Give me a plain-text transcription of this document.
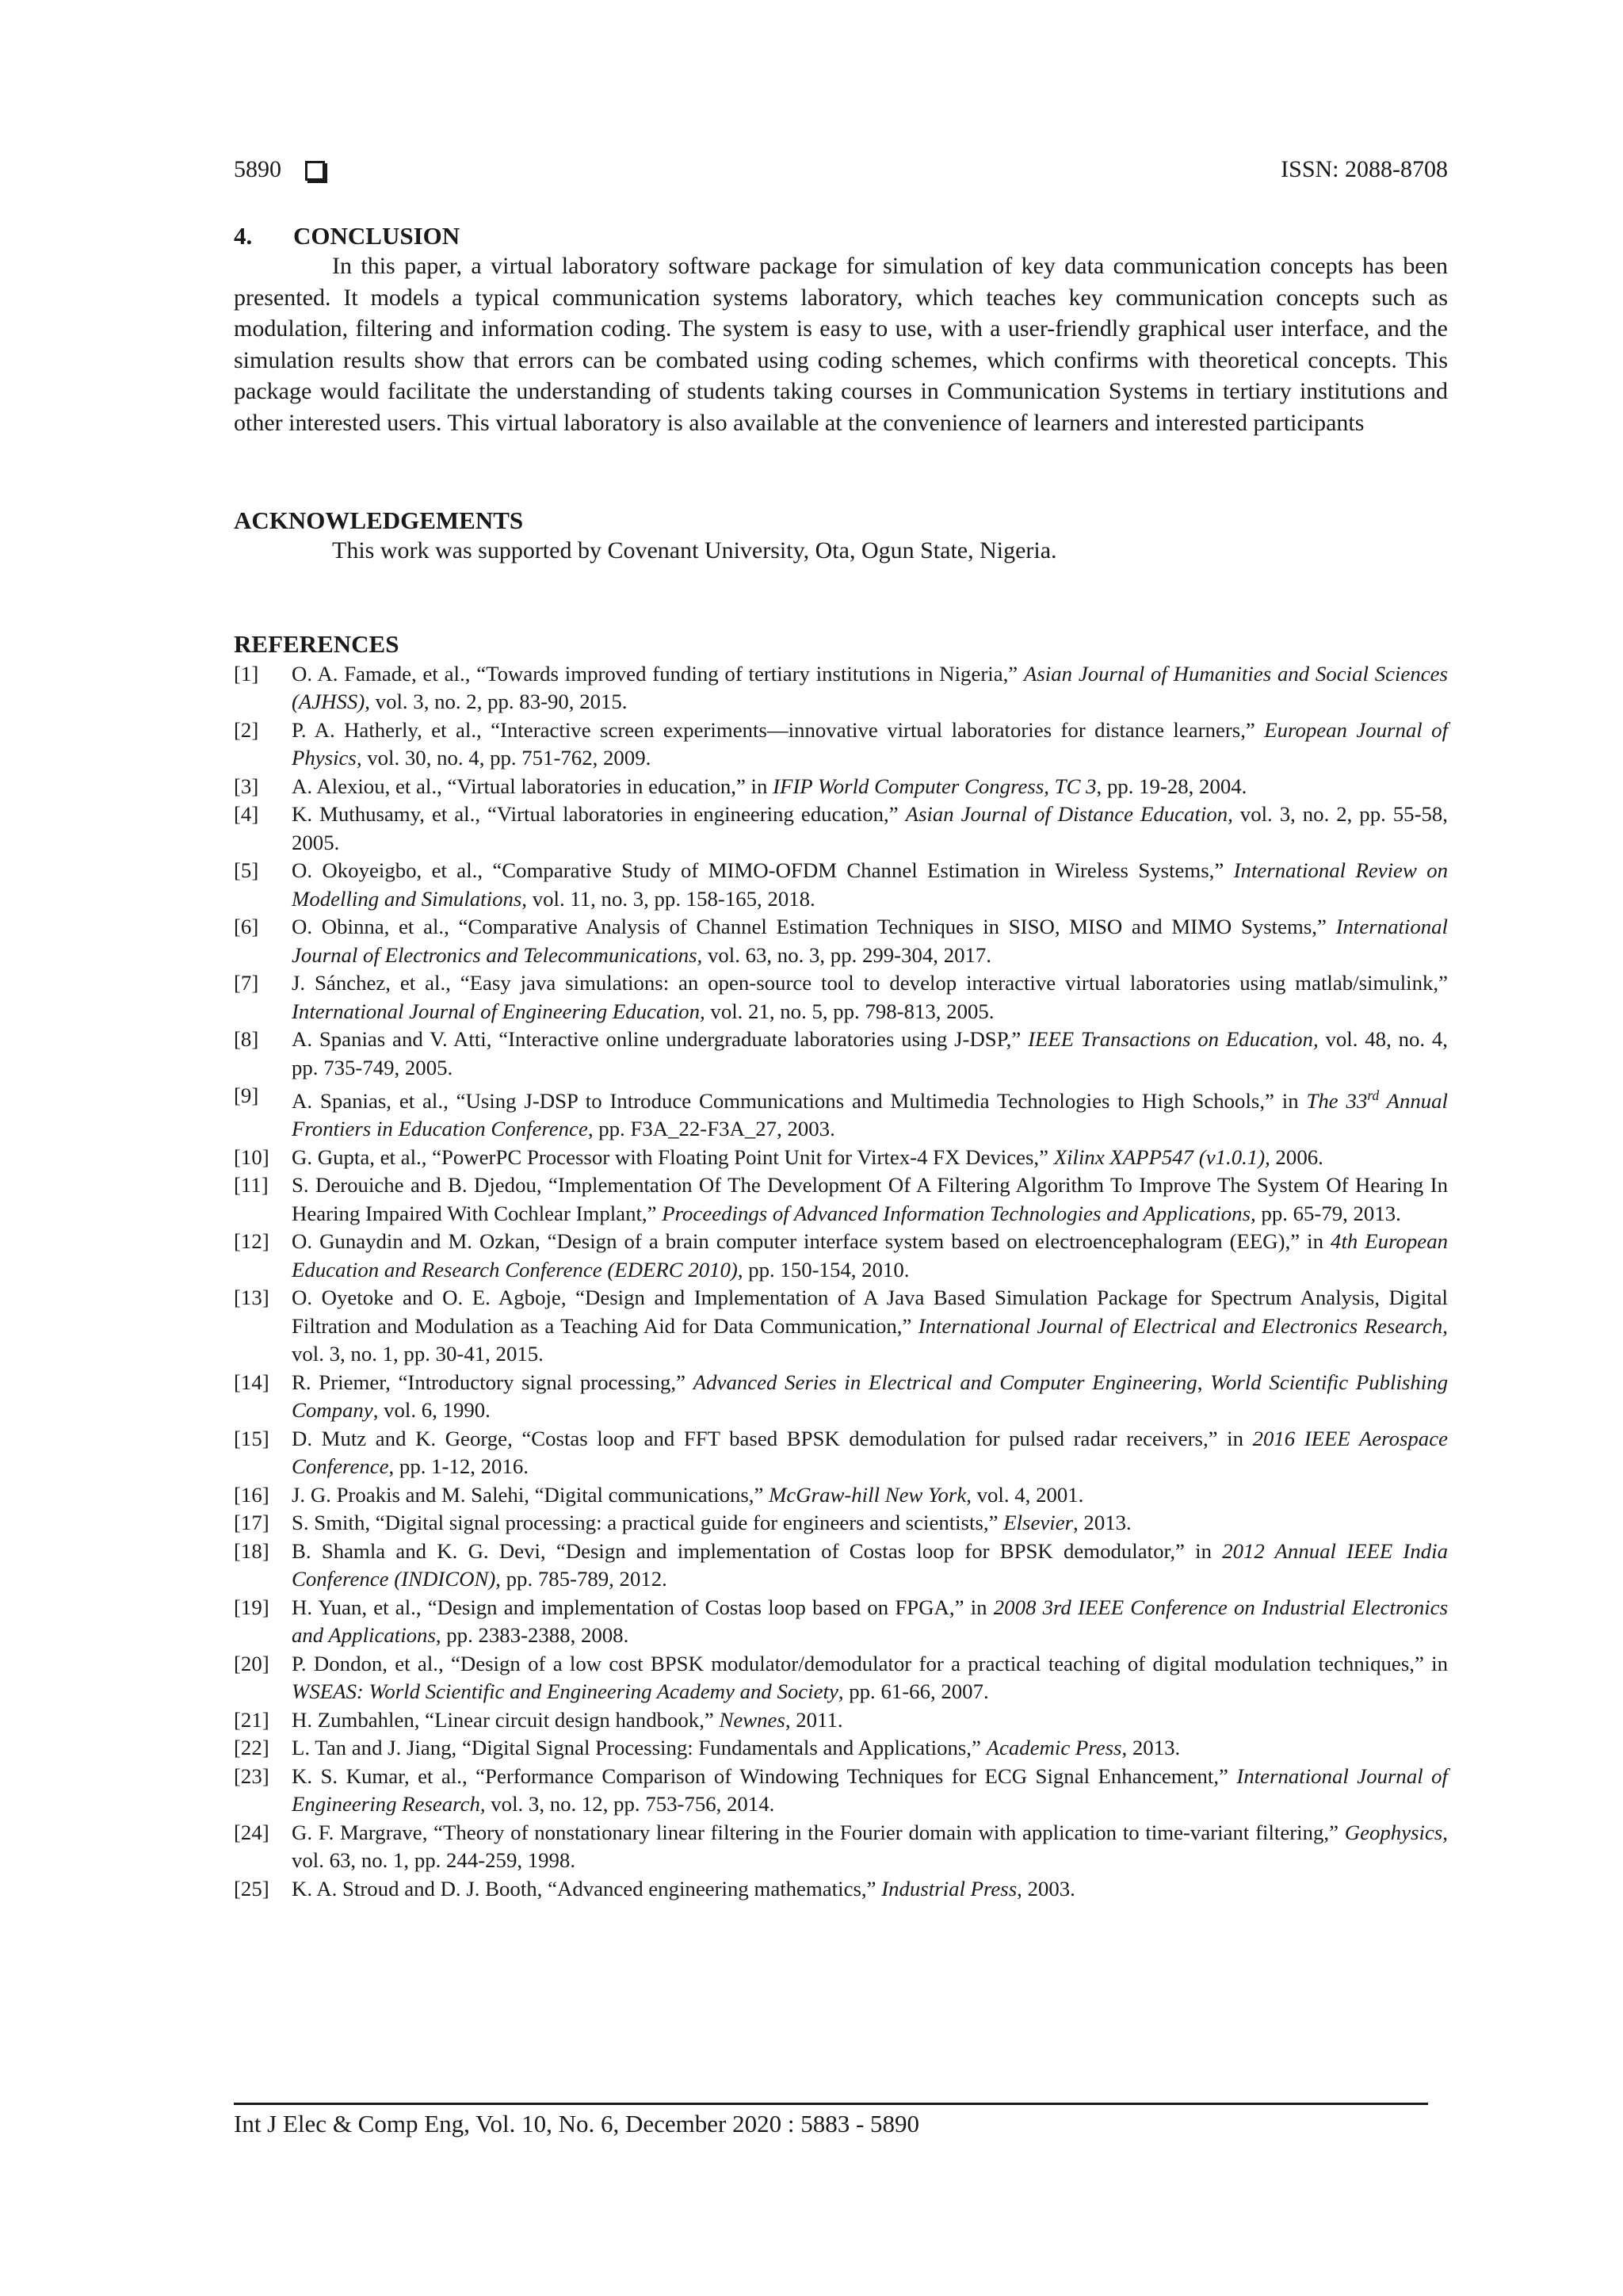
5890	ISSN: 2088-8708
4. CONCLUSION

In this paper, a virtual laboratory software package for simulation of key data communication concepts has been presented. It models a typical communication systems laboratory, which teaches key communication concepts such as modulation, filtering and information coding. The system is easy to use, with a user-friendly graphical user interface, and the simulation results show that errors can be combated using coding schemes, which confirms with theoretical concepts. This package would facilitate the understanding of students taking courses in Communication Systems in tertiary institutions and other interested users. This virtual laboratory is also available at the convenience of learners and interested participants

ACKNOWLEDGEMENTS

This work was supported by Covenant University, Ota, Ogun State, Nigeria.

REFERENCES
[1]	O. A. Famade, et al., “Towards improved funding of tertiary institutions in Nigeria,” Asian Journal of Humanities and Social Sciences (AJHSS), vol. 3, no. 2, pp. 83-90, 2015.
[2]	P. A. Hatherly, et al., “Interactive screen experiments—innovative virtual laboratories for distance learners,” European Journal of Physics, vol. 30, no. 4, pp. 751-762, 2009.
[3]	A. Alexiou, et al., “Virtual laboratories in education,” in IFIP World Computer Congress, TC 3, pp. 19-28, 2004.
[4]	K. Muthusamy, et al., “Virtual laboratories in engineering education,” Asian Journal of Distance Education, vol. 3, no. 2, pp. 55-58, 2005.
[5]	O. Okoyeigbo, et al., “Comparative Study of MIMO-OFDM Channel Estimation in Wireless Systems,” International Review on Modelling and Simulations, vol. 11, no. 3, pp. 158-165, 2018.
[6]	O. Obinna, et al., “Comparative Analysis of Channel Estimation Techniques in SISO, MISO and MIMO Systems,” International Journal of Electronics and Telecommunications, vol. 63, no. 3, pp. 299-304, 2017.
[7]	J. Sánchez, et al., “Easy java simulations: an open-source tool to develop interactive virtual laboratories using matlab/simulink,” International Journal of Engineering Education, vol. 21, no. 5, pp. 798-813, 2005.
[8]	A. Spanias and V. Atti, “Interactive online undergraduate laboratories using J-DSP,” IEEE Transactions on Education, vol. 48, no. 4, pp. 735-749, 2005.
[9]	A. Spanias, et al., “Using J-DSP to Introduce Communications and Multimedia Technologies to High Schools,” in The 33rd Annual Frontiers in Education Conference, pp. F3A_22-F3A_27, 2003.
[10]	G. Gupta, et al., “PowerPC Processor with Floating Point Unit for Virtex-4 FX Devices,” Xilinx XAPP547 (v1.0.1), 2006.
[11]	S. Derouiche and B. Djedou, “Implementation Of The Development Of A Filtering Algorithm To Improve The System Of Hearing In Hearing Impaired With Cochlear Implant,” Proceedings of Advanced Information Technologies and Applications, pp. 65-79, 2013.
[12]	O. Gunaydin and M. Ozkan, “Design of a brain computer interface system based on electroencephalogram (EEG),” in 4th European Education and Research Conference (EDERC 2010), pp. 150-154, 2010.
[13]	O. Oyetoke and O. E. Agboje, “Design and Implementation of A Java Based Simulation Package for Spectrum Analysis, Digital Filtration and Modulation as a Teaching Aid for Data Communication,” International Journal of Electrical and Electronics Research, vol. 3, no. 1, pp. 30-41, 2015.
[14]	R. Priemer, “Introductory signal processing,” Advanced Series in Electrical and Computer Engineering, World Scientific Publishing Company, vol. 6, 1990.
[15]	D. Mutz and K. George, “Costas loop and FFT based BPSK demodulation for pulsed radar receivers,” in 2016 IEEE Aerospace Conference, pp. 1-12, 2016.
[16]	J. G. Proakis and M. Salehi, “Digital communications,” McGraw-hill New York, vol. 4, 2001.
[17]	S. Smith, “Digital signal processing: a practical guide for engineers and scientists,” Elsevier, 2013.
[18]	B. Shamla and K. G. Devi, “Design and implementation of Costas loop for BPSK demodulator,” in 2012 Annual IEEE India Conference (INDICON), pp. 785-789, 2012.
[19]	H. Yuan, et al., “Design and implementation of Costas loop based on FPGA,” in 2008 3rd IEEE Conference on Industrial Electronics and Applications, pp. 2383-2388, 2008.
[20]	P. Dondon, et al., “Design of a low cost BPSK modulator/demodulator for a practical teaching of digital modulation techniques,” in WSEAS: World Scientific and Engineering Academy and Society, pp. 61-66, 2007.
[21]	H. Zumbahlen, “Linear circuit design handbook,” Newnes, 2011.
[22]	L. Tan and J. Jiang, “Digital Signal Processing: Fundamentals and Applications,” Academic Press, 2013.
[23]	K. S. Kumar, et al., “Performance Comparison of Windowing Techniques for ECG Signal Enhancement,” International Journal of Engineering Research, vol. 3, no. 12, pp. 753-756, 2014.
[24]	G. F. Margrave, “Theory of nonstationary linear filtering in the Fourier domain with application to time-variant filtering,” Geophysics, vol. 63, no. 1, pp. 244-259, 1998.
[25]	K. A. Stroud and D. J. Booth, “Advanced engineering mathematics,” Industrial Press, 2003.
Int J Elec & Comp Eng, Vol. 10, No. 6, December 2020 : 5883 - 5890
